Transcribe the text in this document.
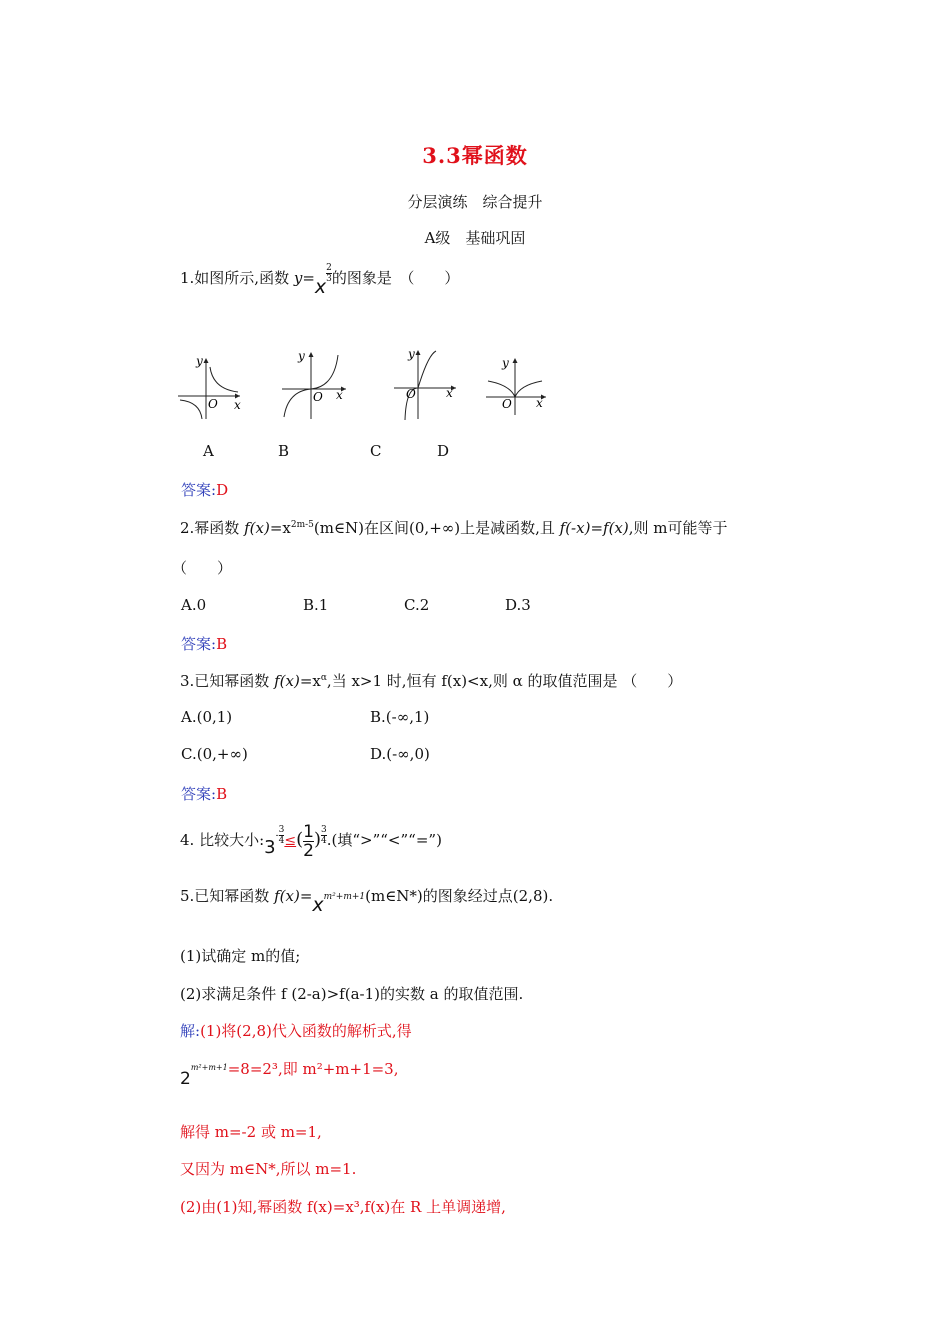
3.3幂函数
分层演练　综合提升
A级　基础巩固
1.如图所示,函数 y=x
$\frac{2}{3}$ 的图象是　（　　）
y
O x
y
O x
y
O	x
y
O x
A	B	C	D
答案:D
2.幂函数 $f(x)=x^{2m-5}(m\in N)$在区间(0,+∞)上是减函数,且 f(-x)=f(x),则 m可能等于
（　　）
A.0	B.1	C.2	D.3
答案:B
3.已知幂函数 $f(x)=x^\alpha$,当 x>1 时,恒有 f(x)<x,则 α 的取值范围是 （　　）
A.(0,1)	B.(-∞,1)
C.(0,+∞)	D.(-∞,0)
答案:B
4. 比较大小:3- $\frac{3}{4}$ ≤( $\frac{1}{2}$ ) $\frac{3}{4}$ .(填“>”“<”“=”)
5.已知幂函数 $f(x)=x^{m^2+m+1}(m\in N*)$的图象经过点(2,8).
(1)试确定 m的值;
(2)求满足条件 f (2-a)>f(a-1)的实数 a 的取值范围.
解:(1)将(2,8)代入函数的解析式,得
$2^{m^2+m+1}=8=2^3$,即 m²+m+1=3,
解得 m=-2 或 m=1,
又因为 m∈N*,所以 m=1.
(2)由(1)知,幂函数 f(x)=x³,f(x)在 R 上单调递增,
